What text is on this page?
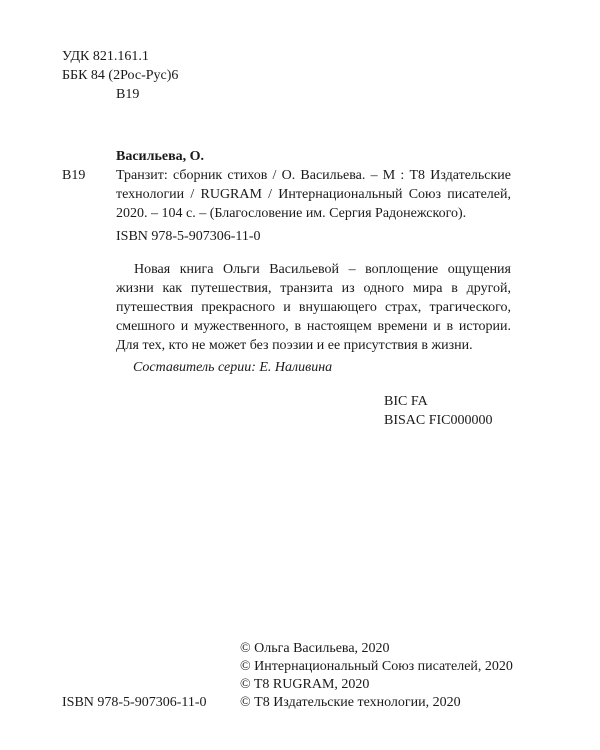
УДК 821.161.1
ББК 84 (2Рос-Рус)6
В19
В19
Васильева, О.
Транзит: сборник стихов / О. Васильева. – М : Т8 Издательские технологии / RUGRAM / Интернациональный Союз писателей, 2020. – 104 с. – (Благословение им. Сергия Радонежского).
ISBN 978-5-907306-11-0

Новая книга Ольги Васильевой – воплощение ощущения жизни как путешествия, транзита из одного мира в другой, путешествия прекрасного и внушающего страх, трагического, смешного и мужественного, в настоящем времени и в истории. Для тех, кто не может без поэзии и ее присутствия в жизни.

Составитель серии: Е. Наливина
BIC FA
BISAC FIC000000
ISBN 978-5-907306-11-0
© Ольга Васильева, 2020
© Интернациональный Союз писателей, 2020
© T8 RUGRAM, 2020
© Т8 Издательские технологии, 2020
